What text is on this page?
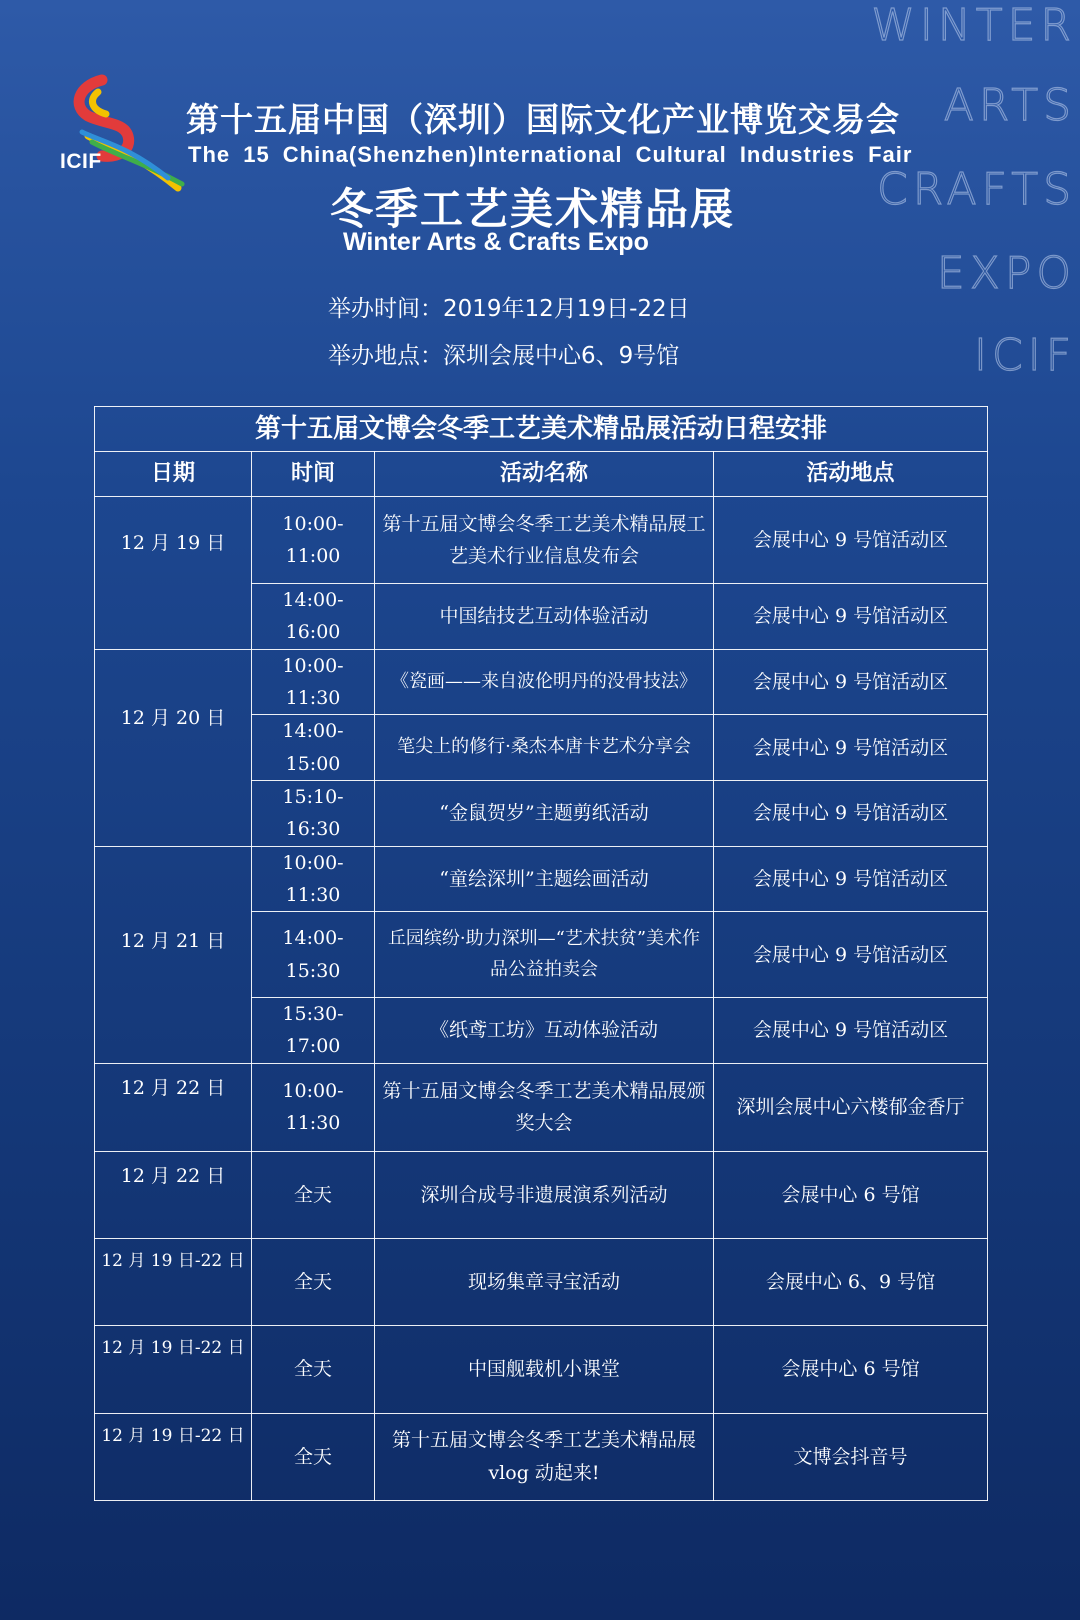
WINTER
ARTS
CRAFTS
EXPO
ICIF
ICIF
第十五届中国（深圳）国际文化产业博览交易会
The 15 China(Shenzhen)International Cultural Industries Fair
冬季工艺美术精品展
Winter Arts & Crafts Expo
举办时间：2019年12月19日-22日
举办地点：深圳会展中心6、9号馆
第十五届文博会冬季工艺美术精品展活动日程安排			
日期	时间	活动名称	活动地点
12 月 19 日	10:00-11:00	第十五届文博会冬季工艺美术精品展工艺美术行业信息发布会	会展中心 9 号馆活动区
	14:00-16:00	中国结技艺互动体验活动	会展中心 9 号馆活动区
12 月 20 日	10:00-11:30	《瓷画——来自波伦明丹的没骨技法》	会展中心 9 号馆活动区
	14:00-15:00	笔尖上的修行·桑杰本唐卡艺术分享会	会展中心 9 号馆活动区
	15:10-16:30	“金鼠贺岁”主题剪纸活动	会展中心 9 号馆活动区
12 月 21 日	10:00-11:30	“童绘深圳”主题绘画活动	会展中心 9 号馆活动区
	14:00-15:30	丘园缤纷·助力深圳—“艺术扶贫”美术作品公益拍卖会	会展中心 9 号馆活动区
	15:30-17:00	《纸鸢工坊》互动体验活动	会展中心 9 号馆活动区
12 月 22 日	10:00-11:30	第十五届文博会冬季工艺美术精品展颁奖大会	深圳会展中心六楼郁金香厅
12 月 22 日	全天	深圳合成号非遗展演系列活动	会展中心 6 号馆
12 月 19 日-22 日	全天	现场集章寻宝活动	会展中心 6、9 号馆
12 月 19 日-22 日	全天	中国舰载机小课堂	会展中心 6 号馆
12 月 19 日-22 日	全天	第十五届文博会冬季工艺美术精品展 vlog 动起来!	文博会抖音号
